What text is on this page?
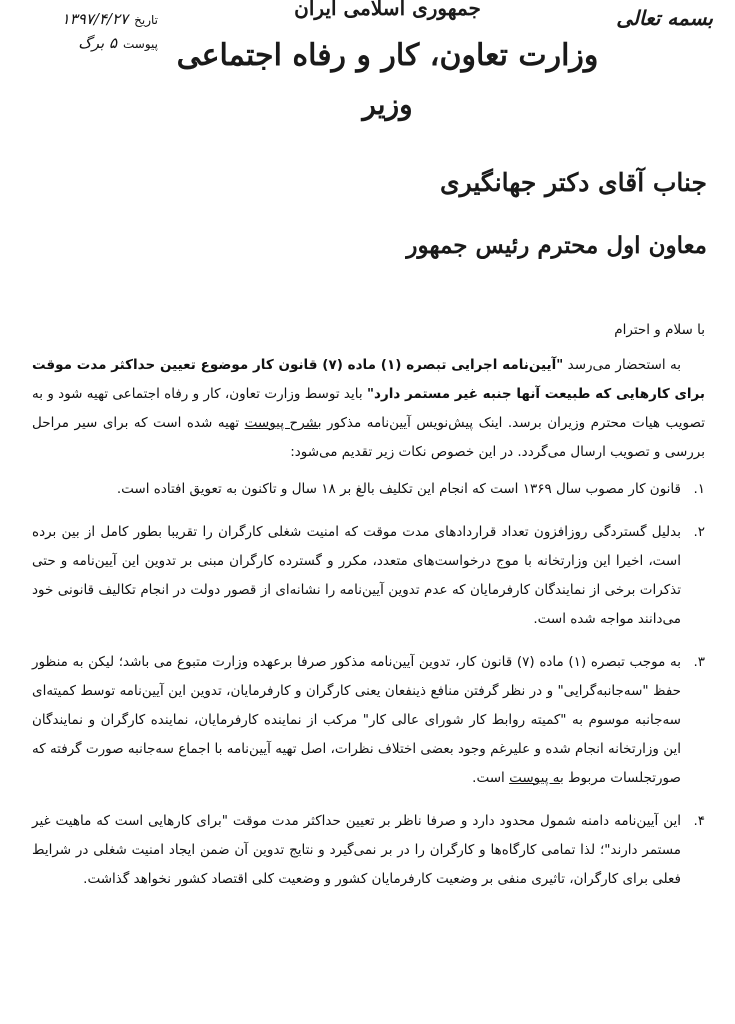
بسمه تعالی
تاریخ
۱۳۹۷/۴/۲۷
پیوست
۵ برگ
جمهوری اسلامی ایران
وزارت تعاون، کار و رفاه اجتماعی
وزیر
جناب آقای دکتر جهانگیری
معاون اول محترم رئیس جمهور
با سلام و احترام

به استحضار می‌رسد "آیین‌نامه اجرایی تبصره (۱) ماده (۷) قانون کار موضوع تعیین حداکثر مدت موقت برای کارهایی که طبیعت آنها جنبه غیر مستمر دارد" باید توسط وزارت تعاون، کار و رفاه اجتماعی تهیه شود و به تصویب هیات محترم وزیران برسد. اینک پیش‌نویس آیین‌نامه مذکور بشرح پیوست تهیه شده است که برای سیر مراحل بررسی و تصویب ارسال می‌گردد. در این خصوص نکات زیر تقدیم می‌شود:

۱.
قانون کار مصوب سال ۱۳۶۹ است که انجام این تکلیف بالغ بر ۱۸ سال و تاکنون به تعویق افتاده است.
۲.
بدلیل گستردگی روزافزون تعداد قراردادهای مدت موقت که امنیت شغلی کارگران را تقریبا بطور کامل از بین برده است، اخیرا این وزارتخانه با موج درخواست‌های متعدد، مکرر و گسترده کارگران مبنی بر تدوین این آیین‌نامه و حتی تذکرات برخی از نمایندگان کارفرمایان که عدم تدوین آیین‌نامه را نشانه‌ای از قصور دولت در انجام تکالیف قانونی خود می‌دانند مواجه شده است.
۳.
به موجب تبصره (۱) ماده (۷) قانون کار، تدوین آیین‌نامه مذکور صرفا برعهده وزارت متبوع می باشد؛ لیکن به منظور حفظ "سه‌جانبه‌گرایی" و در نظر گرفتن منافع ذینفعان یعنی کارگران و کارفرمایان، تدوین این آیین‌نامه توسط کمیته‌ای سه‌جانبه موسوم به "کمیته روابط کار شورای عالی کار" مرکب از نماینده کارفرمایان، نماینده کارگران و نمایندگان این وزارتخانه انجام شده و علیرغم وجود بعضی اختلاف نظرات، اصل تهیه آیین‌نامه با اجماع سه‌جانبه صورت گرفته که صورتجلسات مربوط به پیوست است.
۴.
این آیین‌نامه دامنه شمول محدود دارد و صرفا ناظر بر تعیین حداکثر مدت موقت "برای کارهایی است که ماهیت غیر مستمر دارند"؛ لذا تمامی کارگاه‌ها و کارگران را در بر نمی‌گیرد و نتایج تدوین آن ضمن ایجاد امنیت شغلی در شرایط فعلی برای کارگران، تاثیری منفی بر وضعیت کارفرمایان کشور و وضعیت کلی اقتصاد کشور نخواهد گذاشت.
